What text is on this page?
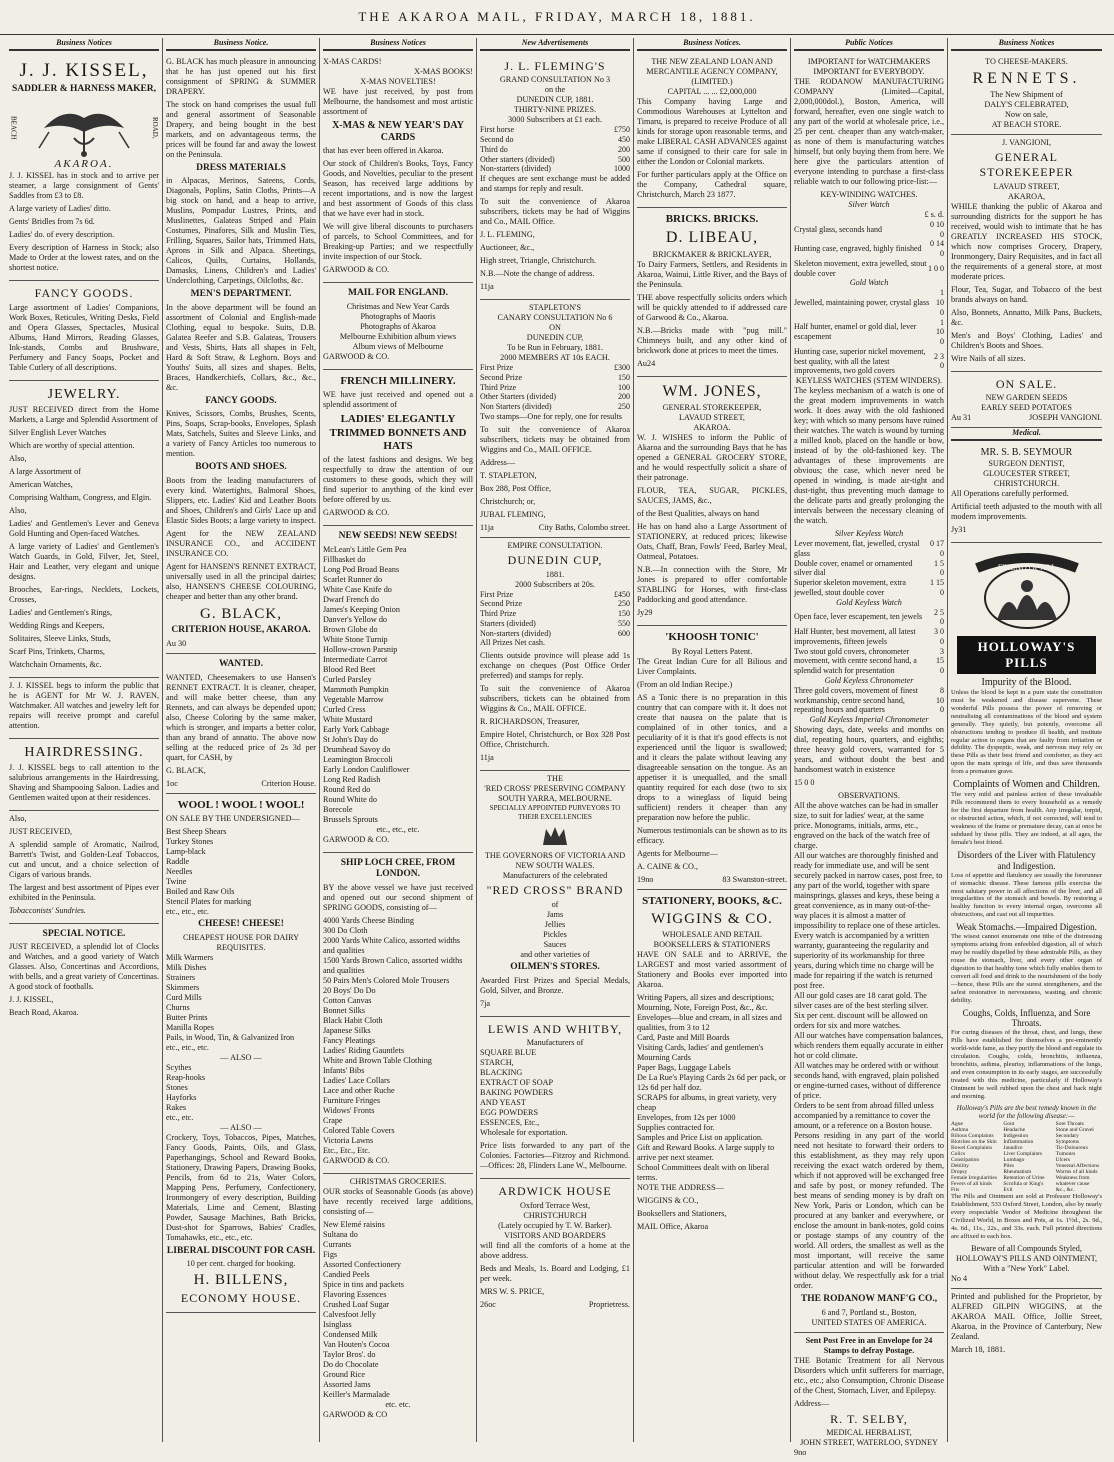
THE AKAROA MAIL, FRIDAY, MARCH 18, 1881.
Business Notices
J. J. KISSEL,
SADDLER & HARNESS MAKER,
BEACH	ROAD,
AKAROA.

J. J. KISSEL has in stock and to arrive per steamer, a large consignment of Gents' Saddles from £3 to £8.

A large variety of Ladies' ditto.

Gents' Bridles from 7s 6d.

Ladies' do. of every description.

Every description of Harness in Stock; also Made to Order at the lowest rates, and on the shortest notice.

FANCY GOODS.

Large assortment of Ladies' Companions, Work Boxes, Reticules, Writing Desks, Field and Opera Glasses, Spectacles, Musical Albums, Hand Mirrors, Reading Glasses, Ink-stands, Combs and Brushware, Perfumery and Fancy Soaps, Pocket and Table Cutlery of all descriptions.

JEWELRY.

JUST RECEIVED direct from the Home Markets, a Large and Splendid Assortment of

Silver English Lever Watches

Which are worthy of special attention.

Also,

A large Assortment of

American Watches,

Comprising Waltham, Congress, and Elgin.

Also,

Ladies' and Gentlemen's Lever and Geneva Gold Hunting and Open-faced Watches.

A large variety of Ladies' and Gentlemen's Watch Guards, in Gold, Filver, Jet, Steel, Hair and Leather, very elegant and unique designs.

Brooches, Ear-rings, Necklets, Lockets, Crosses,

Ladies' and Gentlemen's Rings,

Wedding Rings and Keepers,

Solitaires, Sleeve Links, Studs,

Scarf Pins, Trinkets, Charms,

Watchchain Ornaments, &c.

J. J. KISSEL begs to inform the public that he is AGENT for Mr W. J. RAVEN, Watchmaker. All watches and jewelry left for repairs will receive prompt and careful attention.

HAIRDRESSING.

J. J. KISSEL begs to call attention to the salubrious arrangements in the Hairdressing, Shaving and Shampooing Saloon. Ladies and Gentlemen waited upon at their residences.

Also,

JUST RECEIVED,

A splendid sample of Aromatic, Nailrod, Barrett's Twist, and Golden-Leaf Tobaccos, cut and uncut, and a choice selection of Cigars of various brands.

The largest and best assortment of Pipes ever exhibited in the Peninsula.

Tobacconists' Sundries.

SPECIAL NOTICE.

JUST RECEIVED, a splendid lot of Clocks and Watches, and a good variety of Watch Glasses. Also, Concertinas and Accordions, with bells, and a great variety of Concertinas. A good stock of footballs.

J. J. KISSEL,

Beach Road, Akaroa.

Business Notice.

G. BLACK has much pleasure in announcing that he has just opened out his first consignment of SPRING & SUMMER DRAPERY.

The stock on hand comprises the usual full and general assortment of Seasonable Drapery, and being bought in the best markets, and on advantageous terms, the prices will be found far and away the lowest on the Peninsula.

DRESS MATERIALS

in Alpacas, Merinos, Sateens, Cords, Diagonals, Poplins, Satin Cloths, Prints—A big stock on hand, and a heap to arrive, Muslins, Pompadur Lustres, Prints, and Muslinettes, Galateas Striped and Plain Costumes, Pinafores, Silk and Muslin Ties, Frilling, Squares, Sailor hats, Trimmed Hats, Aprons in Silk and Alpaca. Sheetings, Calicos, Quilts, Curtains, Hollands, Damasks, Linens, Children's and Ladies' Underclothing, Carpetings, Oilcloths, &c.

MEN'S DEPARTMENT.

In the above department will be found an assortment of Colonial and English-made Clothing, equal to bespoke. Suits, D.B. Galatea Reefer and S.B. Galateas, Trousers and Vests, Shirts, Hats all shapes in Felt, Hard & Soft Straw, & Leghorn. Boys and Youths' Suits, all sizes and shapes. Belts, Braces, Handkerchiefs, Collars, &c., &c., &c.

FANCY GOODS.

Knives, Scissors, Combs, Brushes, Scents, Pins, Soaps, Scrap-books, Envelopes, Splash Mats, Satchels, Suites and Sleeve Links, and a variety of Fancy Articles too numerous to mention.

BOOTS AND SHOES.

Boots from the leading manufacturers of every kind. Watertights, Balmoral Shoes, Slippers, etc. Ladies' Kid and Leather Boots and Shoes, Children's and Girls' Lace up and Elastic Sides Boots; a large variety to inspect.

Agent for the NEW ZEALAND INSURANCE CO., and ACCIDENT INSURANCE CO.

Agent for HANSEN'S RENNET EXTRACT, universally used in all the principal dairies; also, HANSEN'S CHEESE COLOURING, cheaper and better than any other brand.

G. BLACK,
CRITERION HOUSE, AKAROA.
Au 30
WANTED.

WANTED, Cheesemakers to use Hansen's RENNET EXTRACT. It is cleaner, cheaper, and will make better cheese, than any Rennets, and can always be depended upon; also, Cheese Coloring by the same maker, which is stronger, and imparts a better color, than any brand of annatto. The above now selling at the reduced price of 2s 3d per quart, for CASH, by

G. BLACK,

1oc	Criterion House.
WOOL ! WOOL ! WOOL!

ON SALE BY THE UNDERSIGNED—

Best Sheep Shears
Turkey Stones
Lamp-black
Raddle
Needles
Twine
Boiled and Raw Oils
Stencil Plates for marking
etc., etc., etc.
CHEESE! CHEESE!
CHEAPEST HOUSE FOR DAIRY REQUISITES.
Milk Warmers
Milk Dishes
Strainers
Skimmers
Curd Mills
Churns
Butter Prints
Manilla Ropes
Pails, in Wood, Tin, & Galvanized Iron
etc., etc., etc.
— ALSO —
Scythes
Reap-hooks
Stones
Hayforks
Rakes
etc., etc.
— ALSO —

Crockery, Toys, Tobaccos, Pipes, Matches, Fancy Goods, Paints, Oils, and Glass, Paperhangings, School and Reward Books, Stationery, Drawing Papers, Drawing Books, Pencils, from 6d to 21s, Water Colors, Mapping Pens, Perfumery, Confectionery, Ironmongery of every description, Building Materials, Lime and Cement, Blasting Powder, Sausage Machines, Bath Bricks, Dust-shot for Sparrows, Babies' Cradles, Tomahawks, etc., etc., etc.

LIBERAL DISCOUNT FOR CASH.
10 per cent. charged for booking.
H. BILLENS,
ECONOMY HOUSE.
Business Notices
X-MAS CARDS!
X-MAS BOOKS!
X-MAS NOVELTIES!

WE have just received, by post from Melbourne, the handsomest and most artistic assortment of

X-MAS & NEW YEAR'S DAY CARDS

that has ever been offered in Akaroa.

Our stock of Children's Books, Toys, Fancy Goods, and Novelties, peculiar to the present Season, has received large additions by recent importations, and is now the largest and best assortment of Goods of this class that we have ever had in stock.

We will give liberal discounts to purchasers of parcels, to School Committees, and for Breaking-up Parties; and we respectfully invite inspection of our Stock.

GARWOOD & CO.

MAIL FOR ENGLAND.
Christmas and New Year Cards
Photographs of Maoris
Photographs of Akaroa
Melbourne Exhibition album views
Album views of Melbourne

GARWOOD & CO.

FRENCH MILLINERY.

WE have just received and opened out a splendid assortment of

LADIES' ELEGANTLY TRIMMED BONNETS AND HATS

of the latest fashions and designs. We beg respectfully to draw the attention of our customers to these goods, which they will find superior to anything of the kind ever before offered by us.

GARWOOD & CO.

NEW SEEDS! NEW SEEDS!
McLean's Little Gem Pea
Fillbasket do
Long Pod Broad Beans
Scarlet Runner do
White Case Knife do
Dwarf French do
James's Keeping Onion
Danver's Yellow do
Brown Globe do
White Stone Turnip
Hollow-crown Parsnip
Intermediate Carrot
Blood Red Beet
Curled Parsley
Mammoth Pumpkin
Vegetable Marrow
Curled Cress
White Mustard
Early York Cabbage
St John's Day do
Drumhead Savoy do
Leamington Broccoli
Early London Cauliflower
Long Red Radish
Round Red do
Round White do
Borecole
Brussels Sprouts
etc., etc., etc.

GARWOOD & CO.

SHIP LOCH CREE, FROM LONDON.

BY the above vessel we have just received and opened out our second shipment of SPRING GOODS, consisting of—

4000 Yards Cheese Binding
300 Do Cloth
2000 Yards White Calico, assorted widths and qualities
1500 Yards Brown Calico, assorted widths and qualities
50 Pairs Men's Colored Mole Trousers
20 Boys' Do Do
Cotton Canvas
Bonnet Silks
Black Habit Cloth
Japanese Silks
Fancy Pleatings
Ladies' Riding Gauntlets
White and Brown Table Clothing
Infants' Bibs
Ladies' Lace Collars
Lace and other Ruche
Furniture Fringes
Widows' Fronts
Crape
Colored Table Covers
Victoria Lawns
Etc., Etc., Etc.

GARWOOD & CO.

CHRISTMAS GROCERIES.

OUR stocks of Seasonable Goods (as above) have recently received large additions, consisting of—

New Elemé raisins
Sultana do
Currants
Figs
Assorted Confectionery
Candied Peels
Spice in tins and packets
Flavoring Essences
Crushed Loaf Sugar
Calvesfoot Jelly
Isinglass
Condensed Milk
Van Houten's Cocoa
Taylor Bros'. do
Do do Chocolate
Ground Rice
Assorted Jams
Keiller's Marmalade
etc. etc.

GARWOOD & CO

New Advertisements
J. L. FLEMING'S
GRAND CONSULTATION No 3
on the
DUNEDIN CUP, 1881.
THIRTY-NINE PRIZES.
3000 Subscribers at £1 each.
First horse	£750
Second do	450
Third do	200
Other starters (divided)	500
Non-starters (divided)	1000

If cheques are sent exchange must be added and stamps for reply and result.

To suit the convenience of Akaroa subscribers, tickets may be had of Wiggins and Co., MAIL Office.

J. L. FLEMING,

Auctioneer, &c.,

High street, Triangle, Christchurch.

N.B.—Note the change of address.

11ja

STAPLETON'S
CANARY CONSULTATION No 6
ON
DUNEDIN CUP,
To be Run in February, 1881.
2000 MEMBERS AT 10s EACH.
First Prize	£300
Second Prize	150
Third Prize	100
Other Starters (divided)	200
Non Starters (divided)	250

Two stamps—One for reply, one for results

To suit the convenience of Akaroa subscribers, tickets may be obtained from Wiggins and Co., MAIL OFFICE.

Address—

T. STAPLETON,

Box 288, Post Office,

Christchurch; or,

JUBAL FLEMING,

11ja	City Baths, Colombo street.
EMPIRE CONSULTATION.
DUNEDIN CUP,
1881.
2000 Subscribers at 20s.
First Prize	£450
Second Prize	250
Third Prize	150
Starters (divided)	550
Non-starters (divided)	600

All Prizes Net cash.

Clients outside province will please add 1s exchange on cheques (Post Office Order preferred) and stamps for reply.

To suit the convenience of Akaroa subscribers, tickets can be obtained from Wiggins & Co., MAIL OFFICE.

R. RICHARDSON, Treasurer,

Empire Hotel, Christchurch, or Box 328 Post Office, Christchurch.

11ja

THE
'RED CROSS' PRESERVING COMPANY
SOUTH YARRA, MELBOURNE.
SPECIALLY APPOINTED PURVEYORS TO THEIR EXCELLENCIES
THE GOVERNORS OF VICTORIA AND NEW SOUTH WALES.
Manufacturers of the celebrated
"RED CROSS" BRAND
of
Jams
Jellies
Pickles
Sauces
and other varieties of
OILMEN'S STORES.

Awarded First Prizes and Special Medals, Gold, Silver, and Bronze.

7ja

LEWIS AND WHITBY,
Manufacturers of
SQUARE BLUE
STARCH,
BLACKING
EXTRACT OF SOAP
BAKING POWDERS
AND YEAST
EGG POWDERS
ESSENCES, Etc.,

Wholesale for exportation.

Price lists forwarded to any part of the Colonies. Factories—Fitzroy and Richmond.—Offices: 28, Flinders Lane W., Melbourne.

ARDWICK HOUSE
Oxford Terrace West,
CHRISTCHURCH
(Lately occupied by T. W. Barker).
VISITORS AND BOARDERS

will find all the comforts of a home at the above address.

Beds and Meals, 1s. Board and Lodging, £1 per week.

MRS W. S. PRICE,

26oc	Proprietress.
Business Notices.
THE NEW ZEALAND LOAN AND MERCANTILE AGENCY COMPANY,
(LIMITED.)
CAPITAL ... ... £2,000,000

This Company having Large and Commodious Warehouses at Lyttelton and Timaru, is prepared to receive Produce of all kinds for storage upon reasonable terms, and make LIBERAL CASH ADVANCES against same if consigned to their care for sale in either the London or Colonial markets.

For further particulars apply at the Office on the Company, Cathedral square, Christchurch, March 23 1877.

BRICKS. BRICKS.
D. LIBEAU,
BRICKMAKER & BRICKLAYER,

To Dairy Farmers, Settlers, and Residents in Akaroa, Wainui, Little River, and the Bays of the Peninsula.

THE above respectfully solicits orders which will be quickly attended to if addressed care of Garwood & Co., Akaroa.

N.B.—Bricks made with "pug mill." Chimneys built, and any other kind of brickwork done at prices to meet the times.

Au24

WM. JONES,
GENERAL STOREKEEPER,
LAVAUD STREET,
AKAROA.

W. J. WISHES to inform the Public of Akaroa and the surrounding Bays that he has opened a GENERAL GROCERY STORE, and he would respectfully solicit a share of their patronage.

FLOUR, TEA, SUGAR, PICKLES, SAUCES, JAMS, &c.,

of the Best Qualities, always on hand

He has on hand also a Large Assortment of STATIONERY, at reduced prices; likewise Oats, Chaff, Bran, Fowls' Feed, Barley Meal, Oatmeal, Potatoes.

N.B.—In connection with the Store, Mr Jones is prepared to offer comfortable STABLING for Horses, with first-class Paddocking and good attendance.

Jy29

'KHOOSH TONIC'
By Royal Letters Patent.

The Great Indian Cure for all Bilious and Liver Complaints.

(From an old Indian Recipe.)

AS a Tonic there is no preparation in this country that can compare with it. It does not create that nausea on the palate that is complained of in other tonics, and a peculiarity of it is that it's good effects is not experienced until the liquor is swallowed; and it clears the palate without leaving any disagreeable sensation on the tongue. As an appetiser it is unequalled, and the small quantity required for each dose (two to six drops to a wineglass of liquid being sufficient) renders it cheaper than any preparation now before the public.

Numerous testimonials can be shown as to its efficacy.

Agents for Melbourne—

A. CAINE & CO.,

19no	83 Swanston-street.
STATIONERY, BOOKS, &C.
WIGGINS & CO.
WHOLESALE AND RETAIL
BOOKSELLERS & STATIONERS

HAVE ON SALE and to ARRIVE, the LARGEST and most varied assortment of Stationery and Books ever imported into Akaroa.

Writing Papers, all sizes and descriptions; Mourning, Note, Foreign Post, &c., &c.
Envelopes—blue and cream, in all sizes and qualities, from 3 to 12
Card, Paste and Mill Boards
Visiting Cards, ladies' and gentlemen's
Mourning Cards
Paper Bags, Luggage Labels
De La Rue's Playing Cards 2s 6d per pack, or 12s 6d per half doz.
SCRAPS for albums, in great variety, very cheap
Envelopes, from 12s per 1000
Supplies contracted for.
Samples and Price List on application.
Gift and Reward Books. A large supply to arrive per next steamer.
School Committees dealt with on liberal terms.

NOTE THE ADDRESS—

WIGGINS & CO.,

Booksellers and Stationers,

MAIL Office, Akaroa

Public Notices
IMPORTANT for WATCHMAKERS
IMPORTANT for EVERYBODY.

THE RODANOW MANUFACTURING COMPANY (Limited—Capital, 2,000,000dol.), Boston, America, will forward, hereafter, even one single watch to any part of the world at wholesale price, i.e., 25 per cent. cheaper than any watch-maker, as none of them is manufacturing watches himself, but only buying them from here. We here give the particulars attention of everyone intending to purchase a first-class reliable watch to our following price-list:—

KEY-WINDING WATCHES.
Silver Watch
£ s. d.
Crystal glass, seconds hand	0 10 0
Hunting case, engraved, highly finished	0 14 0
Skeleton movement, extra jewelled, stout double cover	1 0 0
Gold Watch
Jewelled, maintaining power, crystal glass	1 10 0
Half hunter, enamel or gold dial, lever escapement	1 10 0
Hunting case, superior nickel movement, best quality, with all the latest improvements, two gold covers	2 3 0
KEYLESS WATCHES (STEM WINDERS).

The keyless mechanism of a watch is one of the great modern improvements in watch work. It does away with the old fashioned key; with which so many persons have ruined their watches. The watch is wound by turning a milled knob, placed on the handle or bow, instead of by the old-fashioned key. The advantages of these improvements are obvious; the case, which never need be opened in winding, is made air-tight and dust-tight, thus preventing much damage to the delicate parts and greatly prolonging the intervals between the necessary cleaning of the watch.

Silver Keyless Watch
Lever movement, flat, jewelled, crystal glass	0 17 0
Double cover, enamel or ornamented silver dial	1 5 0
Superior skeleton movement, extra jewelled, stout double cover	1 15 0
Gold Keyless Watch
Open face, lever escapement, ten jewels	2 5 0
Half Hunter, best movement, all latest improvements, fifteen jewels	3 0 0
Two stout gold covers, chronometer movement, with centre second hand, a splendid watch for presentation	3 15 0
Gold Keyless Chronometer
Three gold covers, movement of finest workmanship, centre second hand, repeating hours and quarters	8 10 0
Gold Keyless Imperial Chronometer

Showing days, date, weeks and months on dial, repeating hours, quarters, and eighths; three heavy gold covers, warranted for 5 years, and without doubt the best and handsomest watch in existence

15 0 0

OBSERVATIONS.
All the above watches can be had in smaller size, to suit for ladies' wear, at the same price. Monograms, initials, arms, etc., engraved on the back of the watch free of charge.
All our watches are thoroughly finished and ready for immediate use, and will be sent securely packed in narrow cases, post free, to any part of the world, together with spare mainsprings, glasses and keys, these being a great convenience, as in many out-of-the-way places it is almost a matter of impossibility to replace one of these articles.
Every watch is accompanied by a written warranty, guaranteeing the regularity and superiority of its workmanship for three years, during which time no charge will be made for repairing if the watch is returned post free.
All our gold cases are 18 carat gold. The silver cases are of the best sterling silver.
Six per cent. discount will be allowed on orders for six and more watches.
All our watches have compensation balances, which renders them equally accurate in either hot or cold climate.
All watches may be ordered with or without seconds hand, with engraved, plain polished or engine-turned cases, without of difference of price.
Orders to be sent from abroad filled unless accompanied by a remittance to cover the amount, or a reference on a Boston house.

Persons residing in any part of the world need not hesitate to forward their orders to this establishment, as they may rely upon receiving the exact watch ordered by them, which if not approved will be exchanged free and safe by post, or money refunded. The best means of sending money is by draft on New York, Paris or London, which can be procured at any banker and everywhere, or enclose the amount in bank-notes, gold coins or postage stamps of any country of the world. All orders, the smallest as well as the most important, will receive the same particular attention and will be forwarded without delay. We respectfully ask for a trial order.

THE RODANOW MANF'G CO.,
6 and 7, Portland st., Boston,
UNITED STATES OF AMERICA.
Sent Post Free in an Envelope for 24 Stamps to defray Postage.

THE Botanic Treatment for all Nervous Disorders which unfit sufferers for marriage, etc., etc.; also Consumption, Chronic Disease of the Chest, Stomach, Liver, and Epilepsy.

Address—

R. T. SELBY,
MEDICAL HERBALIST,
JOHN STREET, WATERLOO, SYDNEY
9no
Business Notices
TO CHEESE-MAKERS.
RENNETS.
The New Shipment of
DALY'S CELEBRATED,
Now on sale,
AT BEACH STORE.
J. VANGIONI,
GENERAL STOREKEEPER
LAVAUD STREET,
AKAROA,

WHILE thanking the public of Akaroa and surrounding districts for the support he has received, would wish to intimate that he has GREATLY INCREASED HIS STOCK, which now comprises Grocery, Drapery, Ironmongery, Dairy Requisites, and in fact all the requirements of a general store, at most moderate prices.

Flour, Tea, Sugar, and Tobacco of the best brands always on hand.

Also, Bonnets, Annatto, Milk Pans, Buckets, &c.

Men's and Boys' Clothing, Ladies' and Children's Boots and Shoes.

Wire Nails of all sizes.

ON SALE.
NEW GARDEN SEEDS
EARLY SEED POTATOES
Au 31	JOSEPH VANGIONI.
Medical.
MR. S. B. SEYMOUR
SURGEON DENTIST,
GLOUCESTER STREET,
CHRISTCHURCH.

All Operations carefully performed.

Artificial teeth adjusted to the mouth with all modern improvements.

Jy31

FRIEND OF ALL
HOLLOWAY'S PILLS
Impurity of the Blood.

Unless the blood be kept in a pure state the constitution must be weakened and disease supervene. These wonderful Pills possess the power of removing or neutralising all contaminations of the blood and system generally. They quietly, but potently, overcome all obstructions tending to produce ill health, and institute regular action in organs that are faulty from irritation or debility. The dyspeptic, weak, and nervous may rely on these Pills as their best friend and comforter, as they act upon the main springs of life, and thus save thousands from a premature grave.

Complaints of Women and Children.

The very mild and painless action of these invaluable Pills recommend them to every household as a remedy for the first departure from health. Any irregular, torpid, or obstructed action, which, if not corrected, will tend to weakness of the frame or premature decay, can at once be subdued by these pills. They are indeed, at all ages, the female's best friend.

Disorders of the Liver with Flatulency and Indigestion.

Loss of appetite and flatulency are usually the forerunner of stomachic disease. These famous pills exercise the most salutary power in all affections of the liver, and all irregularities of the stomach and bowels. By restoring a healthy function to every internal organ, overcome all obstructions, and cast out all impurities.

Weak Stomachs.—Impaired Digestion.

The wisest cannot enumerate one tithe of the distressing symptoms arising from enfeebled digestion, all of which may be readily dispelled by these admirable Pills, as they rouse the stomach, liver, and every other organ of digestion to that healthy tone which fully enables them to convert all food and drink to the nourishment of the body—hence, these Pills are the surest strengtheners, and the safest restorative in nervousness, wasting, and chronic debility.

Coughs, Colds, Influenza, and Sore Throats.

For curing diseases of the throat, chest, and lungs, these Pills have established for themselves a pre-eminently world-wide fame, as they purify the blood and regulate its circulation. Coughs, colds, bronchitis, influenza, bronchitis, asthma, pleurisy, inflammations of the lungs, and even consumption in its early stages, are successfully treated with this medicine, particularly if Holloway's Ointment be well rubbed upon the chest and back night and morning.

Holloway's Pills are the best remedy known in the world for the following disease:—
Ague
Asthma
Bilious Complaints
Blotches on the Skin
Bowel Complaints
Colics
Constipation
Debility
Dropsy
Female Irregularities
Fevers of all kinds
Fits
Gout
Headache
Indigestion
Inflammation
Jaundice
Liver Complaints
Lumbago
Piles
Rheumatism
Retention of Urine
Scrofula or King's Evil
Sore Throats
Stone and Gravel
Secondary Symptoms
Tic-Doloureux
Tumours
Ulcers
Venereal Affections
Worms of all kinds
Weakness from whatever cause
&c., &c.

The Pills and Ointment are sold at Professor Holloway's Establishment, 533 Oxford Street, London, also by nearly every respectable Vendor of Medicine throughout the Civilized World, in Boxes and Pots, at 1s. 1½d., 2s. 9d., 4s. 6d., 11s., 22s., and 33s. each. Full printed directions are affixed to each box.

Beware of all Compounds Styled,
HOLLOWAY'S PILLS AND OINTMENT,
With a "New York" Label.
No 4

Printed and published for the Proprietor, by ALFRED GILPIN WIGGINS, at the AKAROA MAIL Office, Jollie Street, Akaroa, in the Province of Canterbury, New Zealand.

March 18, 1881.
